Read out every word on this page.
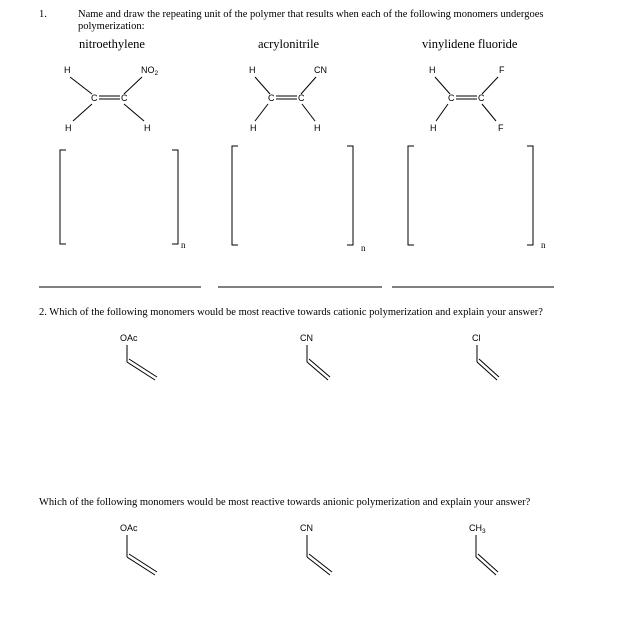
1.	Name and draw the repeating unit of the polymer that results when each of the following monomers undergoes
polymerization:
nitroethylene	acrylonitrile	vinylidene fluoride
H	$NO_2$
C	C
H	H
H	CN
C	C
H	H
H	F
C	C
H	F
n	n	n
2. Which of the following monomers would be most reactive towards cationic polymerization and explain your answer?
OAc	CN	Cl
Which of the following monomers would be most reactive towards anionic polymerization and explain your answer?
OAc	CN	$CH_3$
